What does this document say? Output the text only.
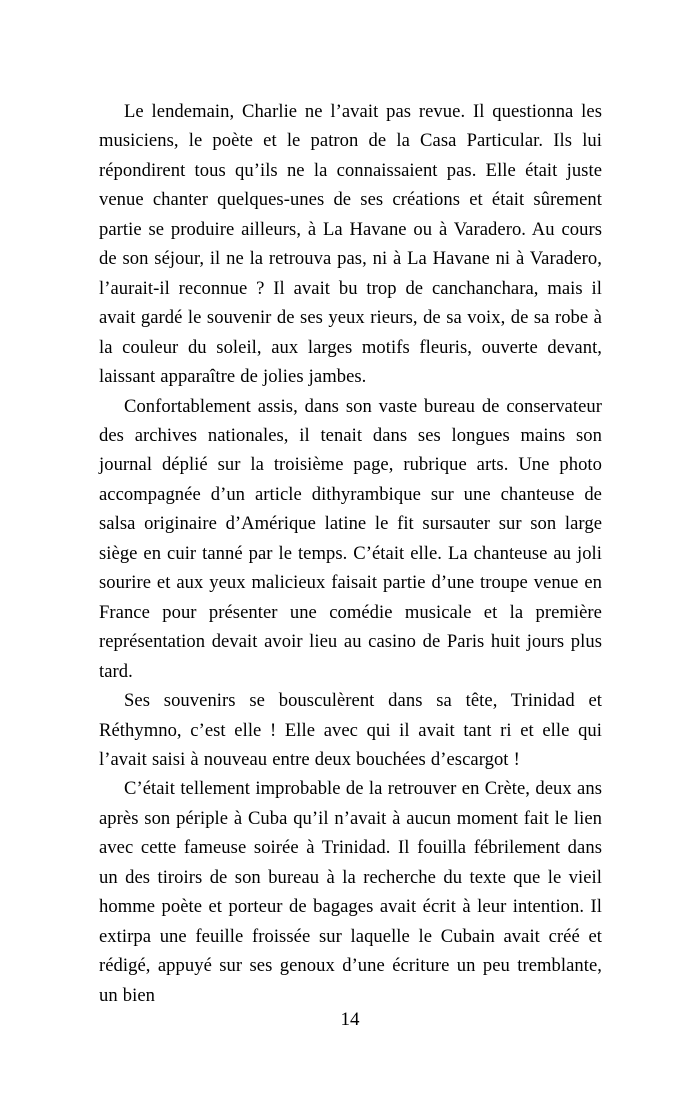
Le lendemain, Charlie ne l’avait pas revue. Il questionna les musiciens, le poète et le patron de la Casa Particular. Ils lui répondirent tous qu’ils ne la connaissaient pas. Elle était juste venue chanter quelques-unes de ses créations et était sûrement partie se produire ailleurs, à La Havane ou à Varadero. Au cours de son séjour, il ne la retrouva pas, ni à La Havane ni à Varadero, l’aurait-il reconnue ? Il avait bu trop de canchanchara, mais il avait gardé le souvenir de ses yeux rieurs, de sa voix, de sa robe à la couleur du soleil, aux larges motifs fleuris, ouverte devant, laissant apparaître de jolies jambes.

Confortablement assis, dans son vaste bureau de conservateur des archives nationales, il tenait dans ses longues mains son journal déplié sur la troisième page, rubrique arts. Une photo accompagnée d’un article dithyrambique sur une chanteuse de salsa originaire d’Amérique latine le fit sursauter sur son large siège en cuir tanné par le temps. C’était elle. La chanteuse au joli sourire et aux yeux malicieux faisait partie d’une troupe venue en France pour présenter une comédie musicale et la première représentation devait avoir lieu au casino de Paris huit jours plus tard.

Ses souvenirs se bousculèrent dans sa tête, Trinidad et Réthymno, c’est elle ! Elle avec qui il avait tant ri et elle qui l’avait saisi à nouveau entre deux bouchées d’escargot !

C’était tellement improbable de la retrouver en Crète, deux ans après son périple à Cuba qu’il n’avait à aucun moment fait le lien avec cette fameuse soirée à Trinidad. Il fouilla fébrilement dans un des tiroirs de son bureau à la recherche du texte que le vieil homme poète et porteur de bagages avait écrit à leur intention. Il extirpa une feuille froissée sur laquelle le Cubain avait créé et rédigé, appuyé sur ses genoux d’une écriture un peu tremblante, un bien

14
